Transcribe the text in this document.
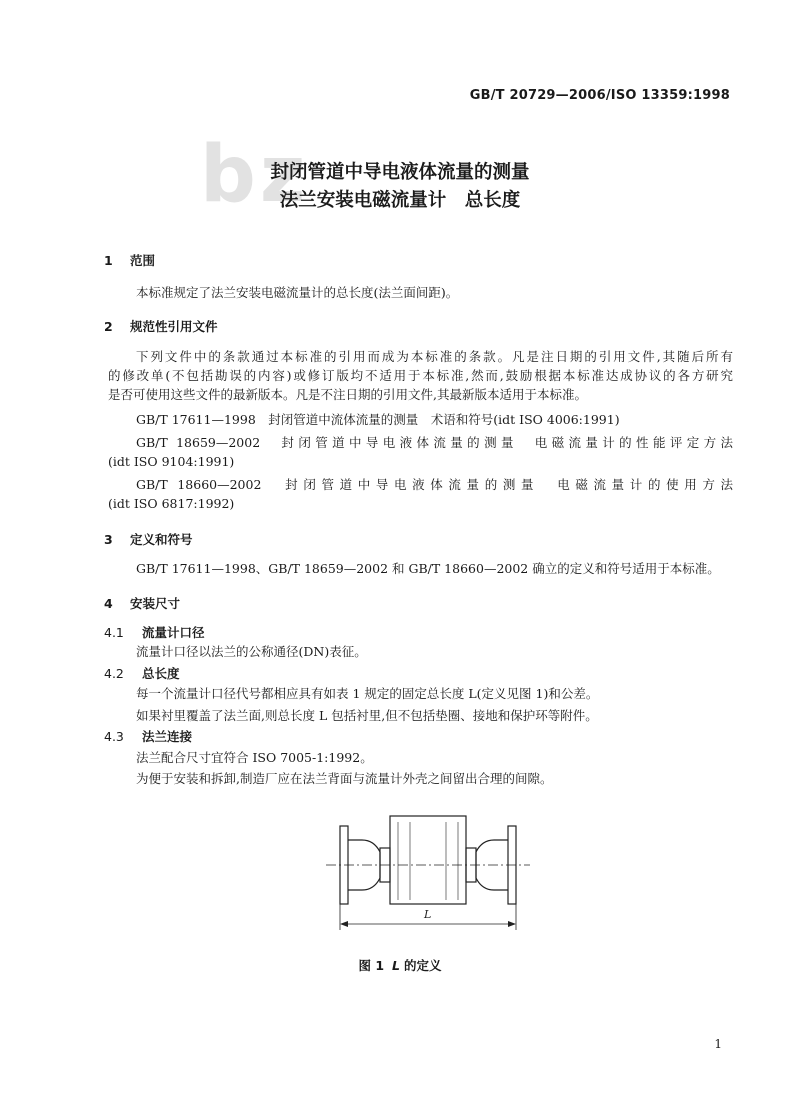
GB/T 20729—2006/ISO 13359:1998
bz
封闭管道中导电液体流量的测量
法兰安装电磁流量计　总长度
1 范围
本标准规定了法兰安装电磁流量计的总长度(法兰面间距)。
2 规范性引用文件
下列文件中的条款通过本标准的引用而成为本标准的条款。凡是注日期的引用文件,其随后所有
的修改单(不包括勘误的内容)或修订版均不适用于本标准,然而,鼓励根据本标准达成协议的各方研究
是否可使用这些文件的最新版本。凡是不注日期的引用文件,其最新版本适用于本标准。
GB/T 17611—1998　封闭管道中流体流量的测量　术语和符号(idt ISO 4006:1991)
GB/T 18659—2002　封闭管道中导电液体流量的测量　电磁流量计的性能评定方法
(idt ISO 9104:1991)
GB/T 18660—2002　封闭管道中导电液体流量的测量　电磁流量计的使用方法
(idt ISO 6817:1992)
3 定义和符号
GB/T 17611—1998、GB/T 18659—2002 和 GB/T 18660—2002 确立的定义和符号适用于本标准。
4 安装尺寸
4.1 流量计口径
流量计口径以法兰的公称通径(DN)表征。
4.2 总长度
每一个流量计口径代号都相应具有如表 1 规定的固定总长度 L(定义见图 1)和公差。
如果衬里覆盖了法兰面,则总长度 L 包括衬里,但不包括垫圈、接地和保护环等附件。
4.3 法兰连接
法兰配合尺寸宜符合 ISO 7005-1:1992。
为便于安装和拆卸,制造厂应在法兰背面与流量计外壳之间留出合理的间隙。
L
图 1 L 的定义
1
